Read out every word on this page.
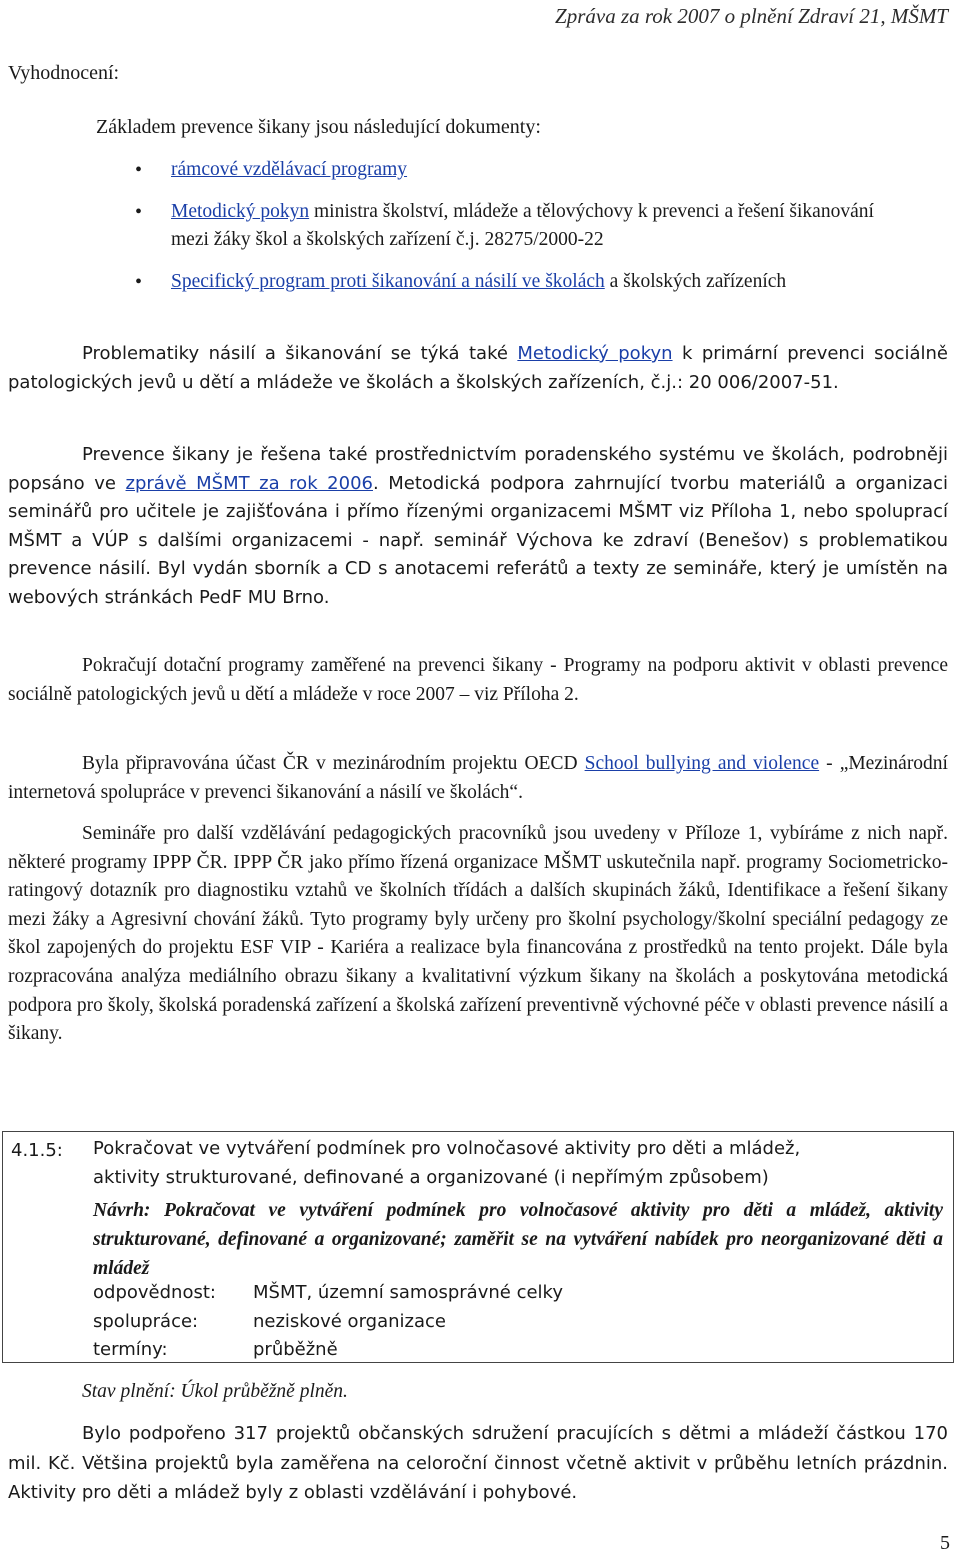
Zpráva za rok 2007 o plnění Zdraví 21, MŠMT
Vyhodnocení:
Základem prevence šikany jsou následující dokumenty:
• rámcové vzdělávací programy
• Metodický pokyn ministra školství, mládeže a tělovýchovy k prevenci a řešení šikanování mezi žáky škol a školských zařízení č.j. 28275/2000-22
• Specifický program proti šikanování a násilí ve školách a školských zařízeních

Problematiky násilí a šikanování se týká také Metodický pokyn k primární prevenci sociálně patologických jevů u dětí a mládeže ve školách a školských zařízeních, č.j.: 20 006/2007-51.

Prevence šikany je řešena také prostřednictvím poradenského systému ve školách, podrobněji popsáno ve zprávě MŠMT za rok 2006. Metodická podpora zahrnující tvorbu materiálů a organizaci seminářů pro učitele je zajišťována i přímo řízenými organizacemi MŠMT viz Příloha 1, nebo spoluprací MŠMT a VÚP s dalšími organizacemi - např. seminář Výchova ke zdraví (Benešov) s problematikou prevence násilí. Byl vydán sborník a CD s anotacemi referátů a texty ze semináře, který je umístěn na webových stránkách PedF MU Brno.

Pokračují dotační programy zaměřené na prevenci šikany - Programy na podporu aktivit v oblasti prevence sociálně patologických jevů u dětí a mládeže v roce 2007 – viz Příloha 2.

Byla připravována účast ČR v mezinárodním projektu OECD School bullying and violence - „Mezinárodní internetová spolupráce v prevenci šikanování a násilí ve školách“.

Semináře pro další vzdělávání pedagogických pracovníků jsou uvedeny v Příloze 1, vybíráme z nich např. některé programy IPPP ČR. IPPP ČR jako přímo řízená organizace MŠMT uskutečnila např. programy Sociometricko-ratingový dotazník pro diagnostiku vztahů ve školních třídách a dalších skupinách žáků, Identifikace a řešení šikany mezi žáky a Agresivní chování žáků. Tyto programy byly určeny pro školní psychology/školní speciální pedagogy ze škol zapojených do projektu ESF VIP - Kariéra a realizace byla financována z prostředků na tento projekt. Dále byla rozpracována analýza mediálního obrazu šikany a kvalitativní výzkum šikany na školách a poskytována metodická podpora pro školy, školská poradenská zařízení a školská zařízení preventivně výchovné péče v oblasti prevence násilí a šikany.

4.1.5: Pokračovat ve vytváření podmínek pro volnočasové aktivity pro děti a mládež,
aktivity strukturované, definované a organizované (i nepřímým způsobem)
Návrh: Pokračovat ve vytváření podmínek pro volnočasové aktivity pro děti a mládež, aktivity strukturované, definované a organizované; zaměřit se na vytváření nabídek pro neorganizované děti a mládež
odpovědnost: MŠMT, územní samosprávné celky
spolupráce:	neziskové organizace
termíny:	průběžně
Stav plnění: Úkol průběžně plněn.

Bylo podpořeno 317 projektů občanských sdružení pracujících s dětmi a mládeží částkou 170 mil. Kč. Většina projektů byla zaměřena na celoroční činnost včetně aktivit v průběhu letních prázdnin. Aktivity pro děti a mládež byly z oblasti vzdělávání i pohybové.

5
